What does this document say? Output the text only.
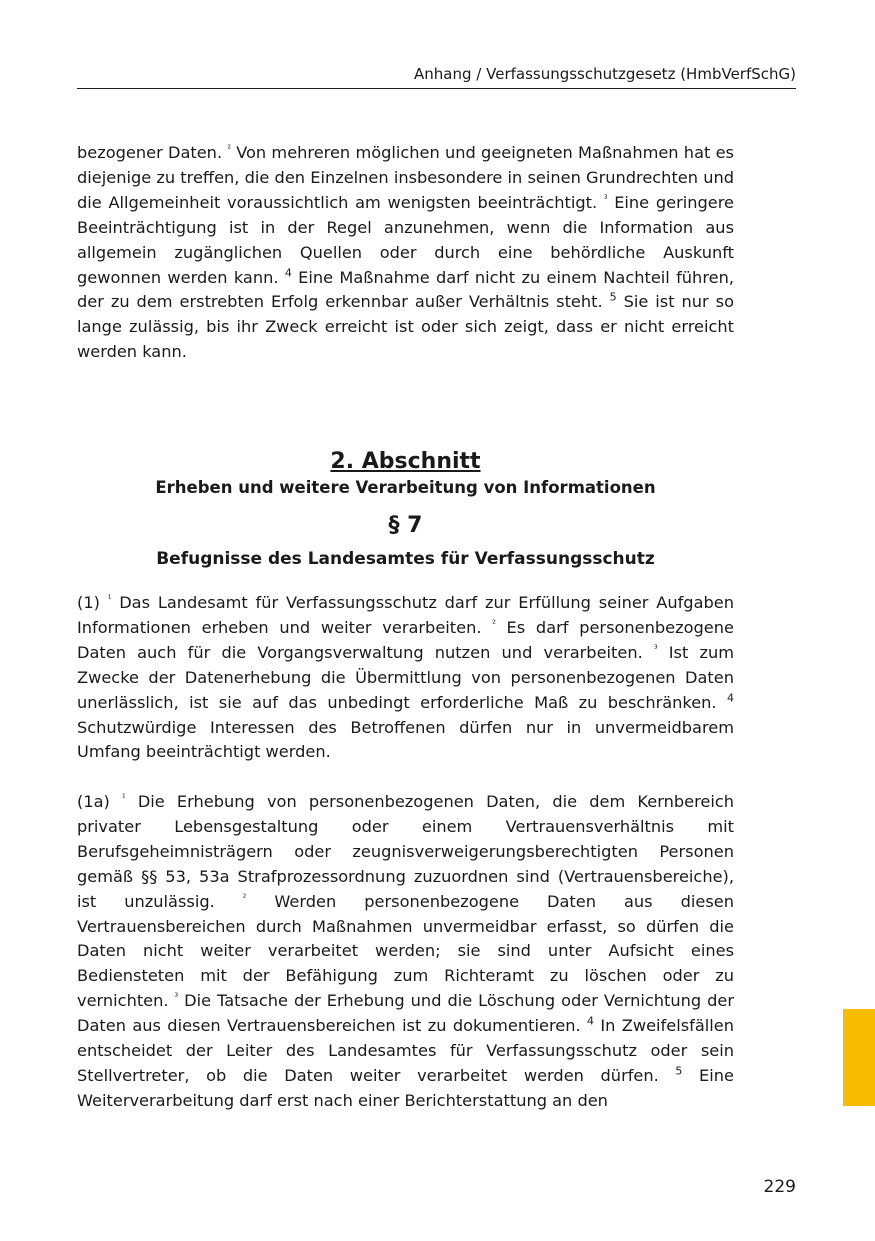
Anhang / Verfassungsschutzgesetz (HmbVerfSchG)

bezogener Daten. $^{^2}$ Von mehreren möglichen und geeigneten Maßnahmen hat es diejenige zu treffen, die den Einzelnen insbesondere in seinen Grundrechten und die Allgemeinheit voraussichtlich am wenigsten beeinträchtigt. $^{^3}$ Eine geringere Beeinträchtigung ist in der Regel anzunehmen, wenn die Information aus allgemein zugänglichen Quellen oder durch eine behördliche Auskunft gewonnen werden kann. $^4$ Eine Maßnahme darf nicht zu einem Nachteil führen, der zu dem erstrebten Erfolg erkennbar außer Verhältnis steht. $^5$ Sie ist nur so lange zulässig, bis ihr Zweck erreicht ist oder sich zeigt, dass er nicht erreicht werden kann.

2. Abschnitt

Erheben und weitere Verarbeitung von Informationen

§ 7

Befugnisse des Landesamtes für Verfassungsschutz

(1) $^{^1}$ Das Landesamt für Verfassungsschutz darf zur Erfüllung seiner Aufgaben Informationen erheben und weiter verarbeiten. $^{^2}$ Es darf personenbezogene Daten auch für die Vorgangsverwaltung nutzen und verarbeiten. $^{^3}$ Ist zum Zwecke der Datenerhebung die Übermittlung von personenbezogenen Daten unerlässlich, ist sie auf das unbedingt erforderliche Maß zu beschränken. $^4$ Schutzwürdige Interessen des Betroffenen dürfen nur in unvermeidbarem Umfang beeinträchtigt werden.

(1a) $^{^1}$ Die Erhebung von personenbezogenen Daten, die dem Kernbereich privater Lebensgestaltung oder einem Vertrauensverhältnis mit Berufsgeheimnisträgern oder zeugnisverweigerungsberechtigten Personen gemäß §§ 53, 53a Strafprozessordnung zuzuordnen sind (Vertrauensbereiche), ist unzulässig.	$^{^2}$ Werden personenbezogene Daten aus diesen Vertrauensbereichen durch Maßnahmen unvermeidbar erfasst, so dürfen die Daten nicht weiter verarbeitet werden; sie sind unter Aufsicht eines Bediensteten mit der Befähigung zum Richteramt zu löschen oder zu vernichten. $^{^3}$ Die Tatsache der Erhebung und die Löschung oder Vernichtung der Daten aus diesen Vertrauensbereichen ist zu dokumentieren. $^4$ In Zweifelsfällen entscheidet der Leiter des Landesamtes für Verfassungsschutz oder sein Stellvertreter, ob die Daten weiter verarbeitet werden dürfen. $^5$ Eine Weiterverarbeitung darf erst nach einer Berichterstattung an den

229
